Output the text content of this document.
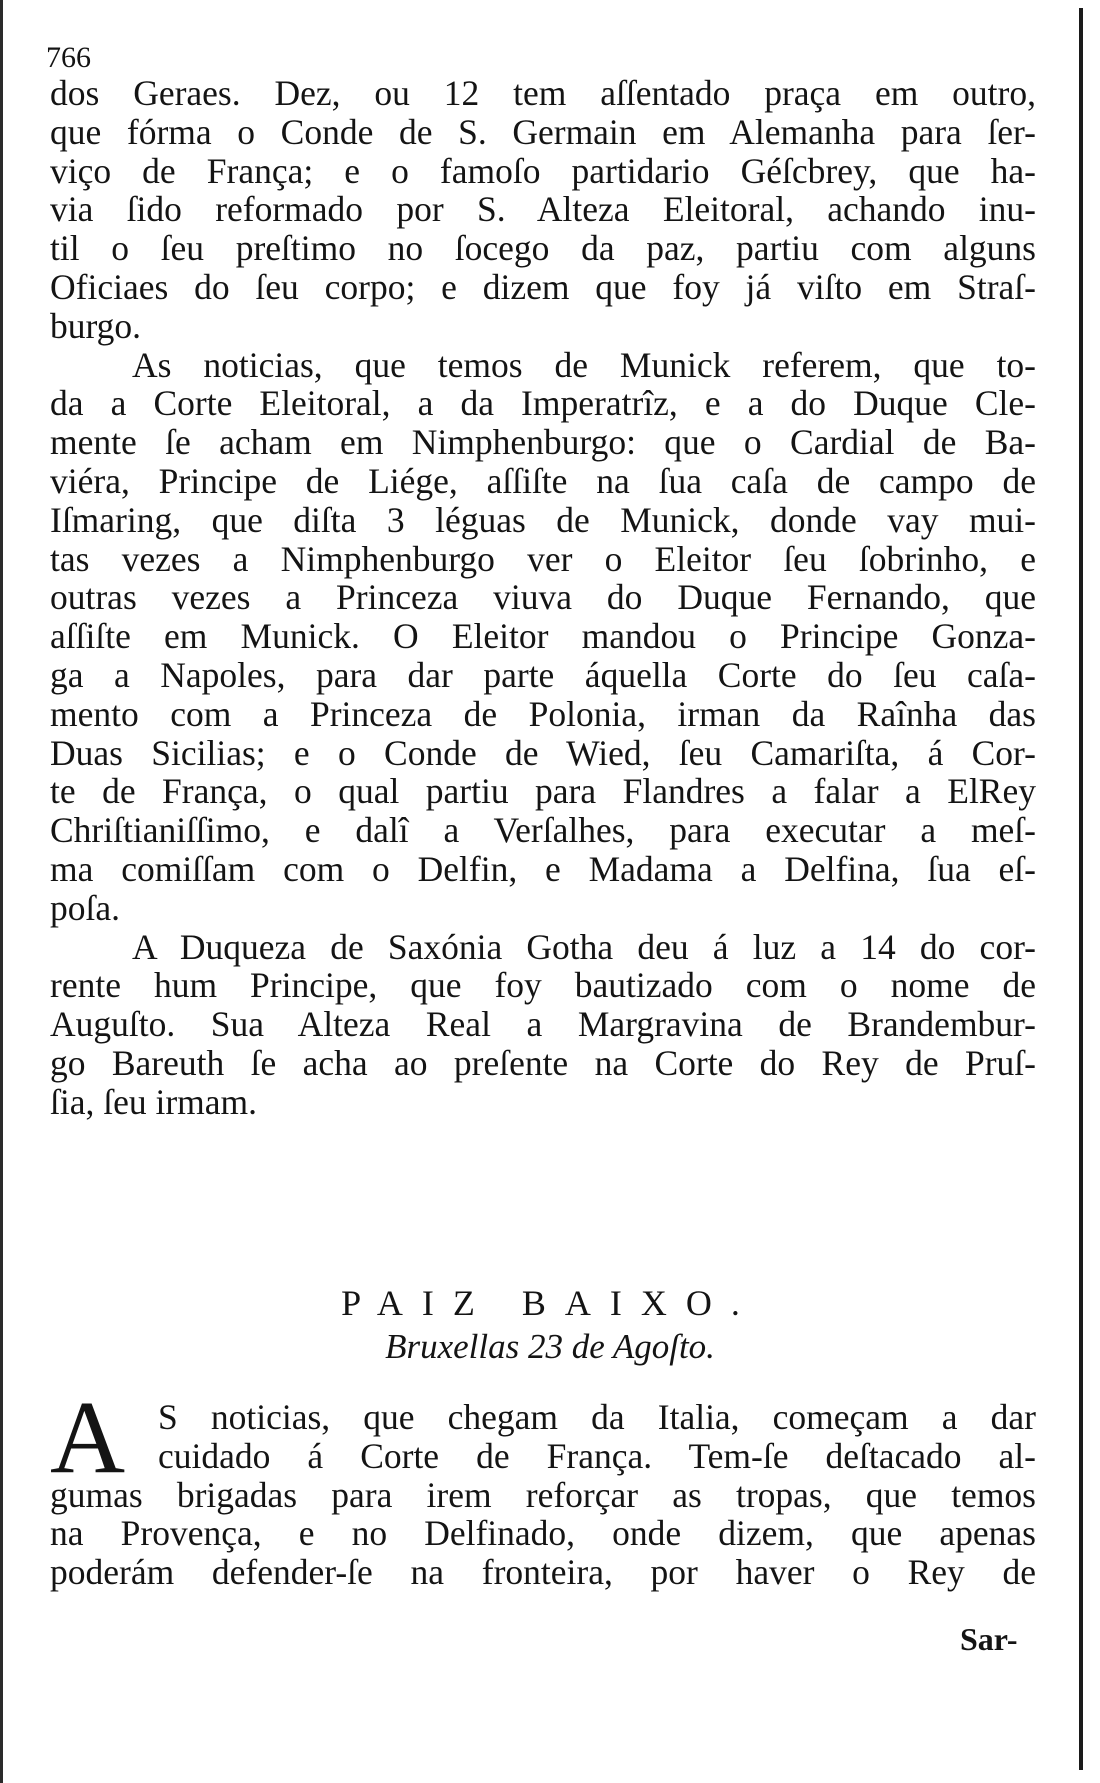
766
dos Geraes. Dez, ou 12 tem aſſentado praça em outro,
que fórma o Conde de S. Germain em Alemanha para ſer-
viço de França; e o famoſo partidario Géſcbrey, que ha-
via ſido reformado por S. Alteza Eleitoral, achando inu-
til o ſeu preſtimo no ſocego da paz, partiu com alguns
Oficiaes do ſeu corpo; e dizem que foy já viſto em Straſ-
burgo.
As noticias, que temos de Munick referem, que to-
da a Corte Eleitoral, a da Imperatrîz, e a do Duque Cle-
mente ſe acham em Nimphenburgo: que o Cardial de Ba-
viéra, Principe de Liége, aſſiſte na ſua caſa de campo de
Iſmaring, que diſta 3 léguas de Munick, donde vay mui-
tas vezes a Nimphenburgo ver o Eleitor ſeu ſobrinho, e
outras vezes a Princeza viuva do Duque Fernando, que
aſſiſte em Munick. O Eleitor mandou o Principe Gonza-
ga a Napoles, para dar parte áquella Corte do ſeu caſa-
mento com a Princeza de Polonia, irman da Raînha das
Duas Sicilias; e o Conde de Wied, ſeu Camariſta, á Cor-
te de França, o qual partiu para Flandres a falar a ElRey
Chriſtianiſſimo, e dalî a Verſalhes, para executar a meſ-
ma comiſſam com o Delfin, e Madama a Delfina, ſua eſ-
poſa.
A Duqueza de Saxónia Gotha deu á luz a 14 do cor-
rente hum Principe, que foy bautizado com o nome de
Auguſto. Sua Alteza Real a Margravina de Brandembur-
go Bareuth ſe acha ao preſente na Corte do Rey de Pruſ-
ſia, ſeu irmam.
PAIZ BAIXO.
Bruxellas 23 de Agoſto.
A S noticias, que chegam da Italia, começam a dar
cuidado á Corte de França. Tem-ſe deſtacado al-
gumas brigadas para irem reforçar as tropas, que temos
na Provença, e no Delfinado, onde dizem, que apenas
poderám defender-ſe na fronteira, por haver o Rey de
Sar-
